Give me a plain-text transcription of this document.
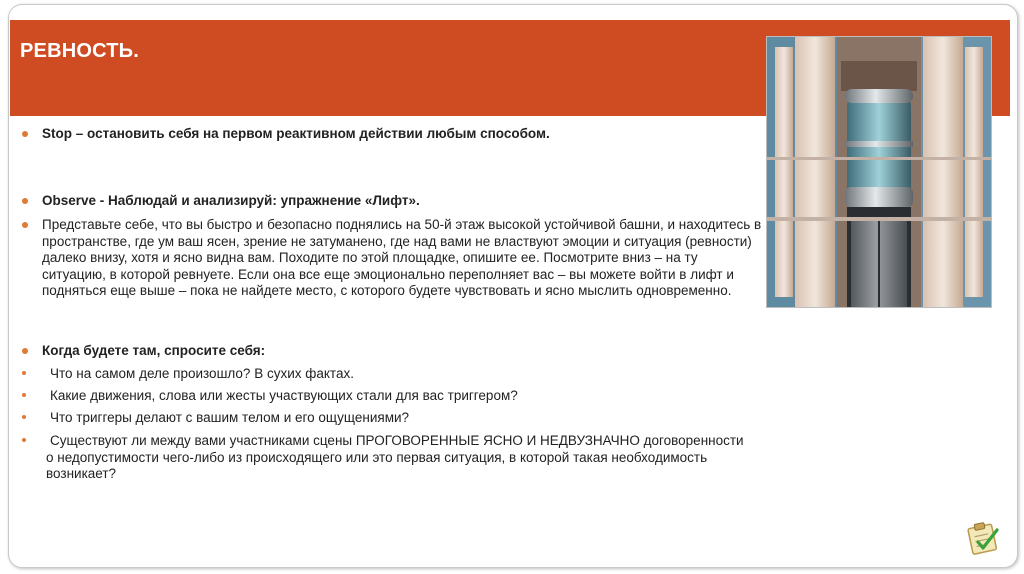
РЕВНОСТЬ.
Stop – остановить себя на первом реактивном действии любым способом.
Observe - Наблюдай и анализируй: упражнение «Лифт».
Представьте себе, что вы быстро и безопасно поднялись на 50-й этаж высокой устойчивой башни, и находитесь в пространстве, где ум ваш ясен, зрение не затуманено, где над вами не властвуют эмоции и ситуация (ревности) далеко внизу, хотя и ясно видна вам. Походите по этой площадке, опишите ее. Посмотрите вниз – на ту ситуацию, в которой ревнуете. Если она все еще эмоционально переполняет вас – вы можете войти в лифт и подняться еще выше – пока не найдете место, с которого будете чувствовать и ясно мыслить одновременно.
Когда будете там, спросите себя:
Что на самом деле произошло? В сухих фактах.
Какие движения, слова или жесты участвующих стали для вас триггером?
Что триггеры делают с вашим телом и его ощущениями?
Существуют ли между вами участниками сцены ПРОГОВОРЕННЫЕ ЯСНО И НЕДВУЗНАЧНО договоренности о недопустимости чего-либо из происходящего или это первая ситуация, в которой такая необходимость возникает?
